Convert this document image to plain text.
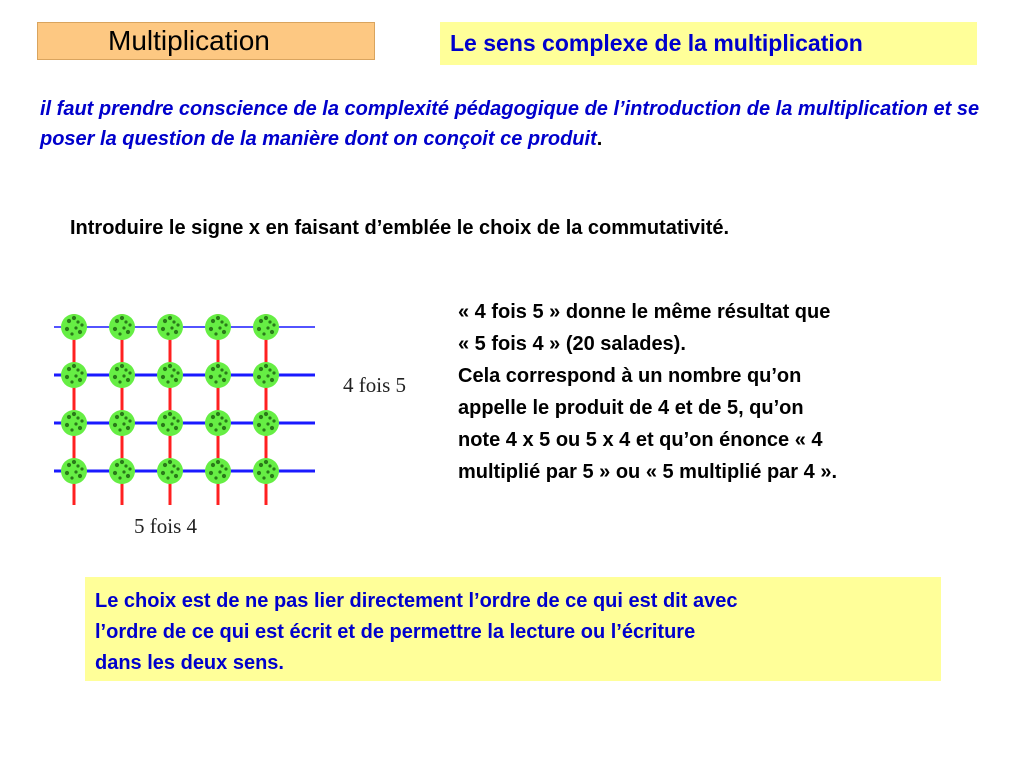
Multiplication	Le sens complexe de la multiplication
il faut prendre conscience de la complexité pédagogique de l’introduction de la multiplication et se poser la question de la manière dont on conçoit ce produit.
Introduire le signe x en faisant d’emblée le choix de la commutativité.
4 fois 5
5 fois 4
« 4 fois 5 » donne le même résultat que
« 5 fois 4 » (20 salades).
Cela correspond à un nombre qu’on
appelle le produit de 4 et de 5, qu’on
note 4 x 5 ou 5 x 4 et qu’on énonce « 4
multiplié par 5 » ou « 5 multiplié par 4 ».
Le choix est de ne pas lier directement l’ordre de ce qui est dit avec
l’ordre de ce qui est écrit et de permettre la lecture ou l’écriture
dans les deux sens.
